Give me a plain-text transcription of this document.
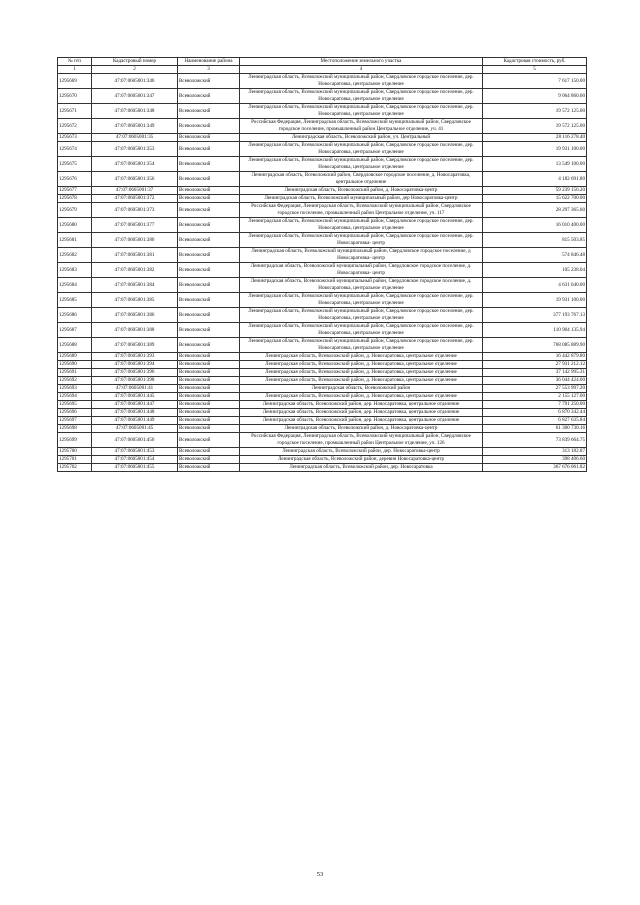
№ п/п	Кадастровый номер	Наименование района	Местоположение земельного участка	Кадастровая стоимость, руб.
1	2	3	4	5
1295669	47:07:0605001:346	Всеволожский	Ленинградская область, Всеволожский муниципальный район, Свердловское городское поселение, дер. Новосаратовка, центральное отделение	7 617 150.00
1295670	47:07:0605001:347	Всеволожский	Ленинградская область, Всеволожский муниципальный район, Свердловское городское поселение, дер. Новосаратовка, центральное отделение	9 064 860.00
1295671	47:07:0605001:348	Всеволожский	Ленинградская область, Всеволожский муниципальный район, Свердловское городское поселение, дер. Новосаратовка, центральное отделение	19 572 125.00
1295672	47:07:0605001:349	Всеволожский	Российская Федерация, Ленинградская область, Всеволожский муниципальный район, Свердловское городское поселение, промышленный район Центральное отделение, уч. 41	19 572 125.00
1295673	47:07:0605001:35	Всеволожский	Ленинградская область, Всеволожский район, уч. Центральный	28 116 278.40
1295674	47:07:0605001:353	Всеволожский	Ленинградская область, Всеволожский муниципальный район, Свердловское городское поселение, дер. Новосаратовка, центральное отделение	19 931 100.00
1295675	47:07:0605001:354	Всеволожский	Ленинградская область, Всеволожский муниципальный район, Свердловское городское поселение, дер. Новосаратовка, центральное отделение	13 549 100.00
1295676	47:07:0605001:356	Всеволожский	Ленинградская область, Всеволожский район, Свердловское городское поселение, д. Новосаратовка, центральное отделение	4 182 691.80
1295677	47:07:0605001:37	Всеволожский	Ленинградская область, Всеволожский район, д. Новосаратовка-центр	59 239 156.20
1295678	47:07:0605001:372	Всеволожский	Ленинградская область, Всеволожский муниципальный район, дер Новосаратовка-центр	15 622 700.00
1295679	47:07:0605001:373	Всеволожский	Российская Федерация, Ленинградская область, Всеволожский муниципальный район, Свердловское городское поселение, промышленный район Центральное отделение, уч. 117	28 297 365.60
1295680	47:07:0605001:377	Всеволожский	Ленинградская область, Всеволожский муниципальный район, Свердловское городское поселение, дер. Новосаратовка, центральное отделение	16 010 400.00
1295681	47:07:0605001:380	Всеволожский	Ленинградская область, Всеволожский муниципальный район, Свердловское городское поселение, дер. Новосаратовка- центр	815 503.85
1295682	47:07:0605001:381	Всеволожский	Ленинградская область, Всеволожский муниципальный район, Свердловское городское поселение, д Новосаратовка- центр	574 846.48
1295683	47:07:0605001:382	Всеволожский	Ленинградская область, Всеволожский муниципальный район, Свердловское городское поселение, д. Новосаратовка- центр	105 238.04
1295684	47:07:0605001:384	Всеволожский	Ленинградская область, Всеволожский муниципальный район, Свердловское городское поселение, д. Новосаратовка, центральное отделение	4 631 640.00
1295685	47:07:0605001:385	Всеволожский	Ленинградская область, Всеволожский муниципальный район, Свердловское городское поселение, дер. Новосаратовка, центральное отделение	19 931 100.00
1295686	47:07:0605001:386	Всеволожский	Ленинградская область, Всеволожский муниципальный район, Свердловское городское поселение, дер. Новосаратовка, центральное отделение	377 193 767.13
1295687	47:07:0605001:388	Всеволожский	Ленинградская область, Всеволожский муниципальный район, Свердловское городское поселение, дер. Новосаратовка, центральное отделение	110 904 135.94
1295688	47:07:0605001:389	Всеволожский	Ленинградская область, Всеволожский муниципальный район, Свердловское городское поселение, дер. Новосаратовка, центральное отделение	768 085 889.90
1295689	47:07:0605001:393	Всеволожский	Ленинградская область, Всеволожский район, д. Новосаратовка, центральное отделение	16 442 879.80
1295690	47:07:0605001:394	Всеволожский	Ленинградская область, Всеволожский район, д. Новосаратовка, центральное отделение	27 931 212.12
1295691	47:07:0605001:396	Всеволожский	Ленинградская область, Всеволожский район, д. Новосаратовка, центральное отделение	37 142 995.31
1295692	47:07:0605001:398	Всеволожский	Ленинградская область, Всеволожский район, д. Новосаратовка, центральное отделение	36 044 424.00
1295693	47:07:0605001:41	Всеволожский	Ленинградская область, Всеволожский район	27 553 997.20
1295694	47:07:0605001:445	Всеволожский	Ленинградская область, Всеволожский район, д. Новосаратовка, центральное отделение	2 155 127.00
1295695	47:07:0605001:447	Всеволожский	Ленинградская область, Всеволожский район, дер. Новосаратовка, центральное отделение	7 791 250.00
1295696	47:07:0605001:448	Всеволожский	Ленинградская область, Всеволожский район, дер. Новосаратовка, центральное отделение	6 870 342.44
1295697	47:07:0605001:449	Всеволожский	Ленинградская область, Всеволожский район, дер. Новосаратовка, центральное отделение	6 827 635.84
1295698	47:07:0605001:45	Всеволожский	Ленинградская область, Всеволожский район, д. Новосаратовка-центр	61 300 730.16
1295699	47:07:0605001:450	Всеволожский	Российская Федерация, Ленинградская область, Всеволожский муниципальный район, Свердловское городское поселение, промышленный район Центральное отделение, уч. 126	73 839 664.75
1295700	47:07:0605001:453	Всеволожский	Ленинградская область, Всеволожский район, дер. Новосаратовка-центр	313 182.87
1295701	47:07:0605001:454	Всеволожский	Ленинградская область, Всеволожский район, деревня Новосаратовка-центр	398 406.60
1295702	47:07:0605001:455	Всеволожский	Ленинградская область, Всеволожский район, дер. Новосаратовка	367 676 061.82
53
